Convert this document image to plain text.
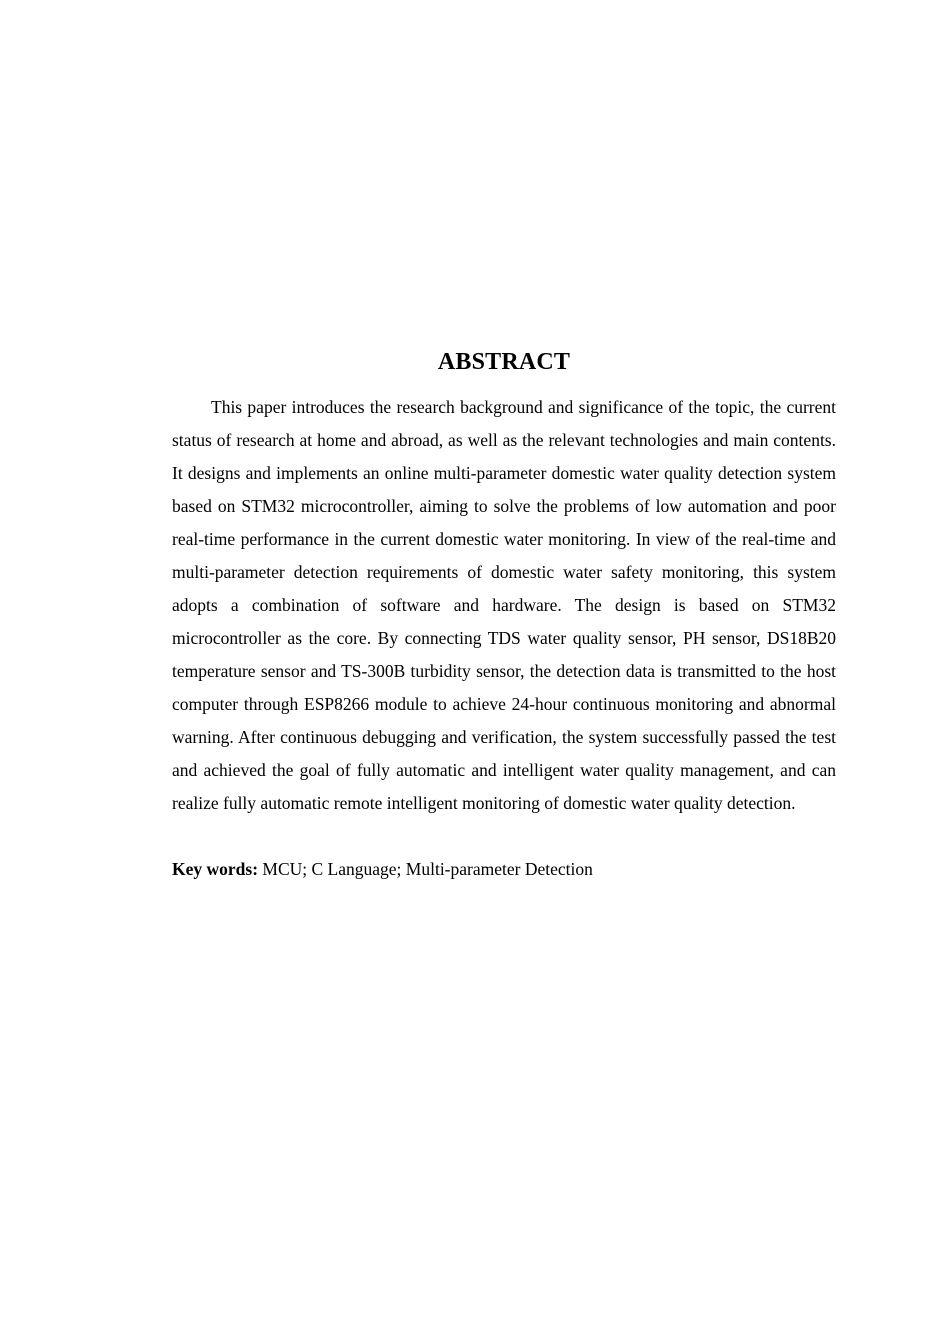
ABSTRACT

This paper introduces the research background and significance of the topic, the current status of research at home and abroad, as well as the relevant technologies and main contents. It designs and implements an online multi-parameter domestic water quality detection system based on STM32 microcontroller, aiming to solve the problems of low automation and poor real-time performance in the current domestic water monitoring. In view of the real-time and multi-parameter detection requirements of domestic water safety monitoring, this system adopts a combination of software and hardware. The design is based on STM32 microcontroller as the core. By connecting TDS water quality sensor, PH sensor, DS18B20 temperature sensor and TS-300B turbidity sensor, the detection data is transmitted to the host computer through ESP8266 module to achieve 24-hour continuous monitoring and abnormal warning. After continuous debugging and verification, the system successfully passed the test and achieved the goal of fully automatic and intelligent water quality management, and can realize fully automatic remote intelligent monitoring of domestic water quality detection.

Key words: MCU; C Language; Multi-parameter Detection
